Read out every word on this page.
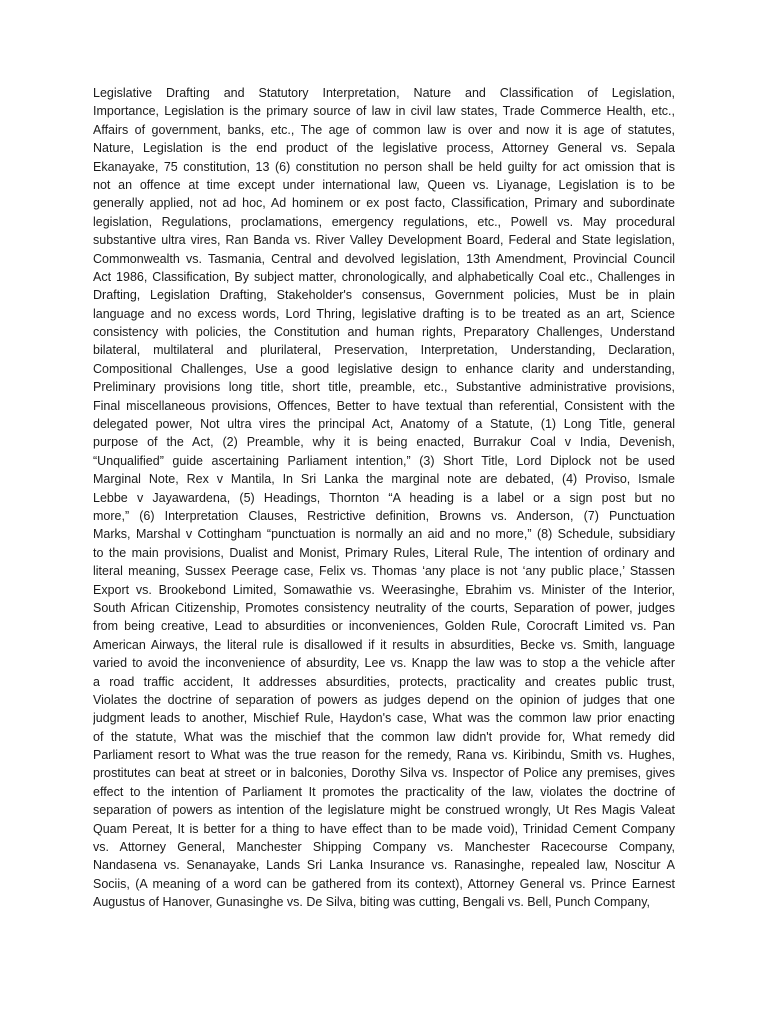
Legislative Drafting and Statutory Interpretation, Nature and Classification of Legislation,
Importance, Legislation is the primary source of law in civil law states, Trade Commerce Health, etc.,
Affairs of government, banks, etc., The age of common law is over and now it is age of statutes,
Nature, Legislation is the end product of the legislative process, Attorney General vs. Sepala
Ekanayake, 75 constitution, 13 (6) constitution no person shall be held guilty for act omission that is
not an offence at time except under international law, Queen vs. Liyanage, Legislation is to be
generally applied, not ad hoc, Ad hominem or ex post facto, Classification, Primary and subordinate
legislation, Regulations, proclamations, emergency regulations, etc., Powell vs. May procedural
substantive ultra vires, Ran Banda vs. River Valley Development Board, Federal and State legislation,
Commonwealth vs. Tasmania, Central and devolved legislation, 13th Amendment, Provincial Council
Act 1986, Classification, By subject matter, chronologically, and alphabetically Coal etc., Challenges in
Drafting, Legislation Drafting, Stakeholder's consensus, Government policies, Must be in plain
language and no excess words, Lord Thring, legislative drafting is to be treated as an art, Science
consistency with policies, the Constitution and human rights, Preparatory Challenges, Understand
bilateral, multilateral and plurilateral, Preservation, Interpretation, Understanding, Declaration,
Compositional Challenges, Use a good legislative design to enhance clarity and understanding,
Preliminary provisions long title, short title, preamble, etc., Substantive administrative provisions,
Final miscellaneous provisions, Offences, Better to have textual than referential, Consistent with the
delegated power, Not ultra vires the principal Act, Anatomy of a Statute, (1) Long Title, general
purpose of the Act, (2) Preamble, why it is being enacted, Burrakur Coal v India, Devenish,
“Unqualified” guide ascertaining Parliament intention,” (3) Short Title, Lord Diplock not be used
Marginal Note, Rex v Mantila, In Sri Lanka the marginal note are debated, (4) Proviso, Ismale
Lebbe v Jayawardena, (5) Headings, Thornton “A heading is a label or a sign post but no
more,” (6) Interpretation Clauses, Restrictive definition, Browns vs. Anderson, (7) Punctuation
Marks, Marshal v Cottingham “punctuation is normally an aid and no more,” (8) Schedule, subsidiary
to the main provisions, Dualist and Monist, Primary Rules, Literal Rule, The intention of ordinary and
literal meaning, Sussex Peerage case, Felix vs. Thomas ‘any place is not ‘any public place,’ Stassen
Export vs. Brookebond Limited, Somawathie vs. Weerasinghe, Ebrahim vs. Minister of the Interior,
South African Citizenship, Promotes consistency neutrality of the courts, Separation of power, judges
from being creative, Lead to absurdities or inconveniences, Golden Rule, Corocraft Limited vs. Pan
American Airways, the literal rule is disallowed if it results in absurdities, Becke vs. Smith, language
varied to avoid the inconvenience of absurdity, Lee vs. Knapp the law was to stop a the vehicle after
a road traffic accident, It addresses absurdities, protects, practicality and creates public trust,
Violates the doctrine of separation of powers as judges depend on the opinion of judges that one
judgment leads to another, Mischief Rule, Haydon's case, What was the common law prior enacting
of the statute, What was the mischief that the common law didn't provide for, What remedy did
Parliament resort to What was the true reason for the remedy, Rana vs. Kiribindu, Smith vs. Hughes,
prostitutes can beat at street or in balconies, Dorothy Silva vs. Inspector of Police any premises, gives
effect to the intention of Parliament It promotes the practicality of the law, violates the doctrine of
separation of powers as intention of the legislature might be construed wrongly, Ut Res Magis Valeat
Quam Pereat, It is better for a thing to have effect than to be made void), Trinidad Cement Company
vs. Attorney General, Manchester Shipping Company vs. Manchester Racecourse Company,
Nandasena vs. Senanayake, Lands Sri Lanka Insurance vs. Ranasinghe, repealed law, Noscitur A
Sociis, (A meaning of a word can be gathered from its context), Attorney General vs. Prince Earnest
Augustus of Hanover, Gunasinghe vs. De Silva, biting was cutting, Bengali vs. Bell, Punch Company,
